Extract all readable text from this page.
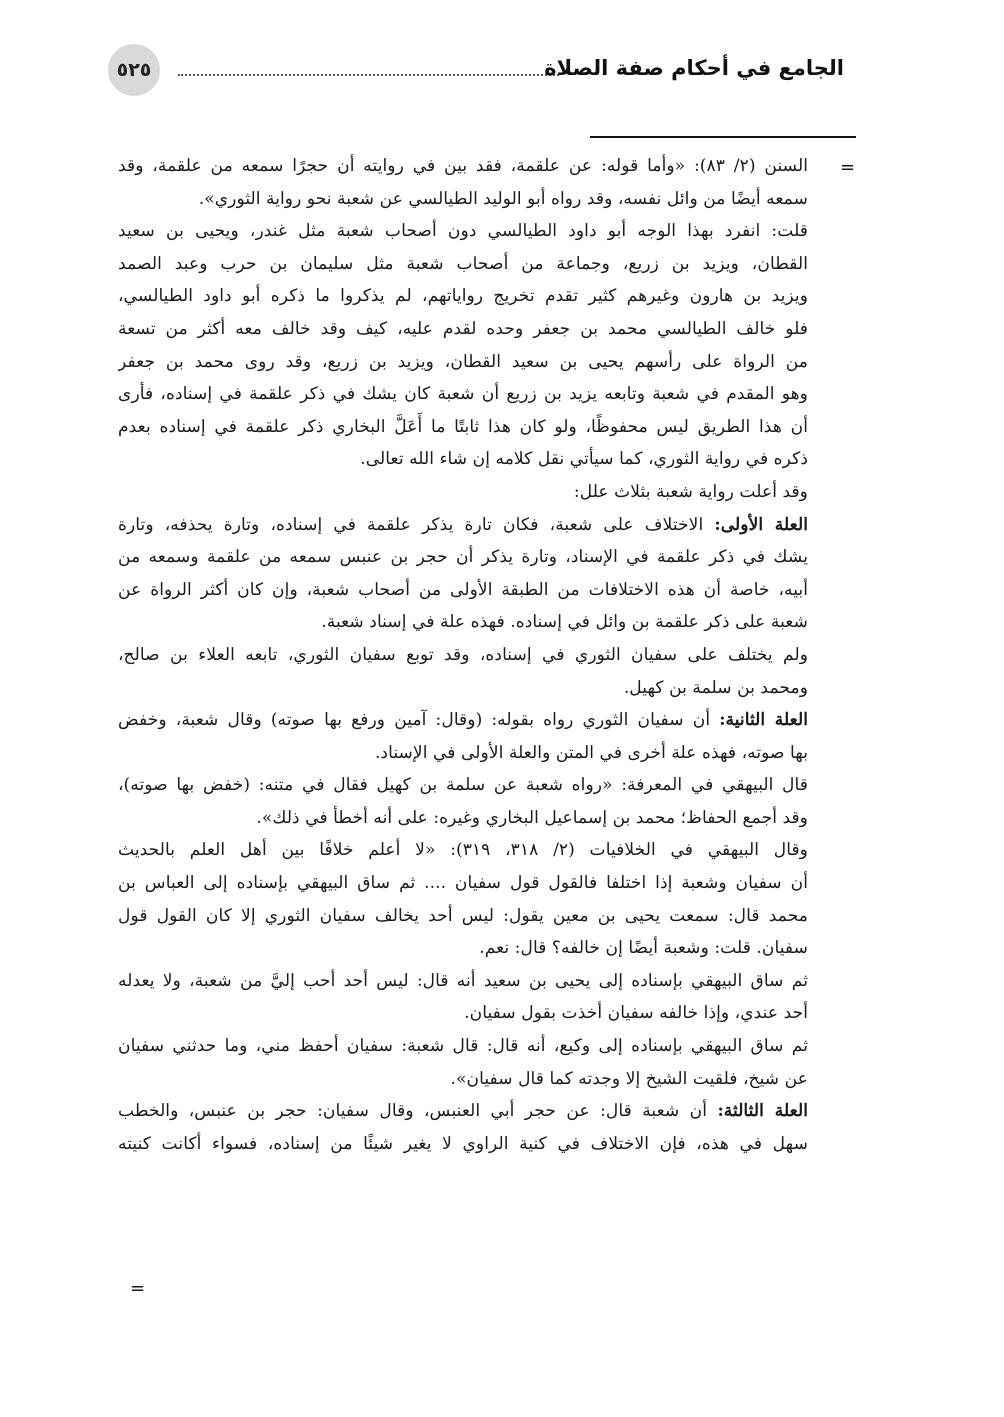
٥٢٥	الجامع في أحكام صفة الصلاة
=
=
السنن (٢/ ٨٣): «وأما قوله: عن علقمة، فقد بين في روايته أن حجرًا سمعه من علقمة، وقد
سمعه أيضًا من وائل نفسه، وقد رواه أبو الوليد الطيالسي عن شعبة نحو رواية الثوري».
قلت: انفرد بهذا الوجه أبو داود الطيالسي دون أصحاب شعبة مثل غندر، ويحيى بن سعيد
القطان، ويزيد بن زريع، وجماعة من أصحاب شعبة مثل سليمان بن حرب وعبد الصمد
ويزيد بن هارون وغيرهم كثير تقدم تخريج رواياتهم، لم يذكروا ما ذكره أبو داود الطيالسي،
فلو خالف الطيالسي محمد بن جعفر وحده لقدم عليه، كيف وقد خالف معه أكثر من تسعة
من الرواة على رأسهم يحيى بن سعيد القطان، ويزيد بن زريع، وقد روى محمد بن جعفر
وهو المقدم في شعبة وتابعه يزيد بن زريع أن شعبة كان يشك في ذكر علقمة في إسناده، فأرى
أن هذا الطريق ليس محفوظًا، ولو كان هذا ثابتًا ما أَعَلَّ البخاري ذكر علقمة في إسناده بعدم
ذكره في رواية الثوري، كما سيأتي نقل كلامه إن شاء الله تعالى.
وقد أعلت رواية شعبة بثلاث علل:
العلة الأولى: الاختلاف على شعبة، فكان تارة يذكر علقمة في إسناده، وتارة يحذفه، وتارة
يشك في ذكر علقمة في الإسناد، وتارة يذكر أن حجر بن عنبس سمعه من علقمة وسمعه من
أبيه، خاصة أن هذه الاختلافات من الطبقة الأولى من أصحاب شعبة، وإن كان أكثر الرواة عن
شعبة على ذكر علقمة بن وائل في إسناده. فهذه علة في إسناد شعبة.
ولم يختلف على سفيان الثوري في إسناده، وقد توبع سفيان الثوري، تابعه العلاء بن صالح،
ومحمد بن سلمة بن كهيل.
العلة الثانية: أن سفيان الثوري رواه بقوله: (وقال: آمين ورفع بها صوته) وقال شعبة، وخفض
بها صوته، فهذه علة أخرى في المتن والعلة الأولى في الإسناد.
قال البيهقي في المعرفة: «رواه شعبة عن سلمة بن كهيل فقال في متنه: (خفض بها صوته)،
وقد أجمع الحفاظ؛ محمد بن إسماعيل البخاري وغيره: على أنه أخطأ في ذلك».
وقال البيهقي في الخلافيات (٢/ ٣١٨، ٣١٩): «لا أعلم خلافًا بين أهل العلم بالحديث
أن سفيان وشعبة إذا اختلفا فالقول قول سفيان .... ثم ساق البيهقي بإسناده إلى العباس بن
محمد قال: سمعت يحيى بن معين يقول: ليس أحد يخالف سفيان الثوري إلا كان القول قول
سفيان. قلت: وشعبة أيضًا إن خالفه؟ قال: نعم.
ثم ساق البيهقي بإسناده إلى يحيى بن سعيد أنه قال: ليس أحد أحب إليَّ من شعبة، ولا يعدله
أحد عندي، وإذا خالفه سفيان أخذت بقول سفيان.
ثم ساق البيهقي بإسناده إلى وكيع، أنه قال: قال شعبة: سفيان أحفظ مني، وما حدثني سفيان
عن شيخ، فلقيت الشيخ إلا وجدته كما قال سفيان».
العلة الثالثة: أن شعبة قال: عن حجر أبي العنبس، وقال سفيان: حجر بن عنبس، والخطب
سهل في هذه، فإن الاختلاف في كنية الراوي لا يغير شيئًا من إسناده، فسواء أكانت كنيته
